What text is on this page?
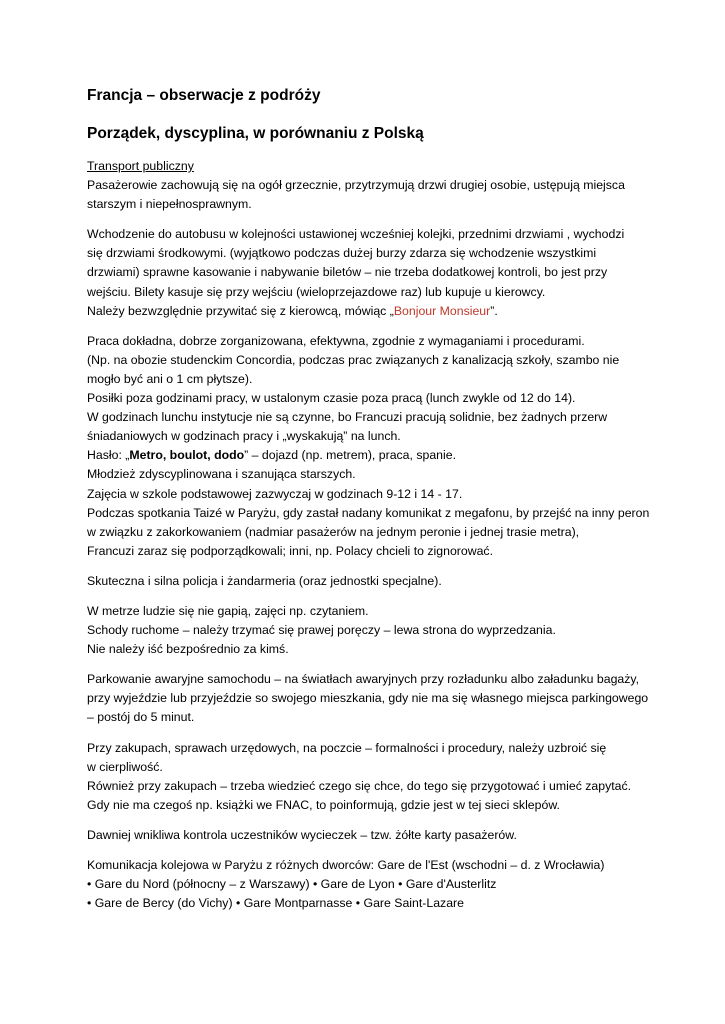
Francja – obserwacje z podróży
Porządek, dyscyplina, w porównaniu z Polską
Transport publiczny
Pasażerowie zachowują się na ogół grzecznie, przytrzymują drzwi drugiej osobie, ustępują miejsca
starszym i niepełnosprawnym.
Wchodzenie do autobusu w kolejności ustawionej wcześniej kolejki, przednimi drzwiami , wychodzi
się drzwiami środkowymi. (wyjątkowo podczas dużej burzy zdarza się wchodzenie wszystkimi
drzwiami) sprawne kasowanie i nabywanie biletów – nie trzeba dodatkowej kontroli, bo jest przy
wejściu. Bilety kasuje się przy wejściu (wieloprzejazdowe raz) lub kupuje u kierowcy.
Należy bezwzględnie przywitać się z kierowcą, mówiąc „Bonjour Monsieur”.
Praca dokładna, dobrze zorganizowana, efektywna, zgodnie z wymaganiami i procedurami.
(Np. na obozie studenckim Concordia, podczas prac związanych z kanalizacją szkoły, szambo nie
mogło być ani o 1 cm płytsze).
Posiłki poza godzinami pracy, w ustalonym czasie poza pracą (lunch zwykle od 12 do 14).
W godzinach lunchu instytucje nie są czynne, bo Francuzi pracują solidnie, bez żadnych przerw
śniadaniowych w godzinach pracy i „wyskakują” na lunch.
Hasło: „Metro, boulot, dodo” – dojazd (np. metrem), praca, spanie.
Młodzież zdyscyplinowana i szanująca starszych.
Zajęcia w szkole podstawowej zazwyczaj w godzinach 9-12 i 14 - 17.
Podczas spotkania Taizé w Paryżu, gdy zastał nadany komunikat z megafonu, by przejść na inny peron
w związku z zakorkowaniem (nadmiar pasażerów na jednym peronie i jednej trasie metra),
Francuzi zaraz się podporządkowali; inni, np. Polacy chcieli to zignorować.
Skuteczna i silna policja i żandarmeria (oraz jednostki specjalne).
W metrze ludzie się nie gapią, zajęci np. czytaniem.
Schody ruchome – należy trzymać się prawej poręczy – lewa strona do wyprzedzania.
Nie należy iść bezpośrednio za kimś.
Parkowanie awaryjne samochodu – na światłach awaryjnych przy rozładunku albo załadunku bagaży,
przy wyjeździe lub przyjeździe so swojego mieszkania, gdy nie ma się własnego miejsca parkingowego
– postój do 5 minut.
Przy zakupach, sprawach urzędowych, na poczcie – formalności i procedury, należy uzbroić się
w cierpliwość.
Również przy zakupach – trzeba wiedzieć czego się chce, do tego się przygotować i umieć zapytać.
Gdy nie ma czegoś np. książki we FNAC, to poinformują, gdzie jest w tej sieci sklepów.
Dawniej wnikliwa kontrola uczestników wycieczek – tzw. żółte karty pasażerów.
Komunikacja kolejowa w Paryżu z różnych dworców: Gare de l'Est (wschodni – d. z Wrocławia)
• Gare du Nord (północny – z Warszawy) • Gare de Lyon • Gare d'Austerlitz
• Gare de Bercy (do Vichy) • Gare Montparnasse • Gare Saint-Lazare
